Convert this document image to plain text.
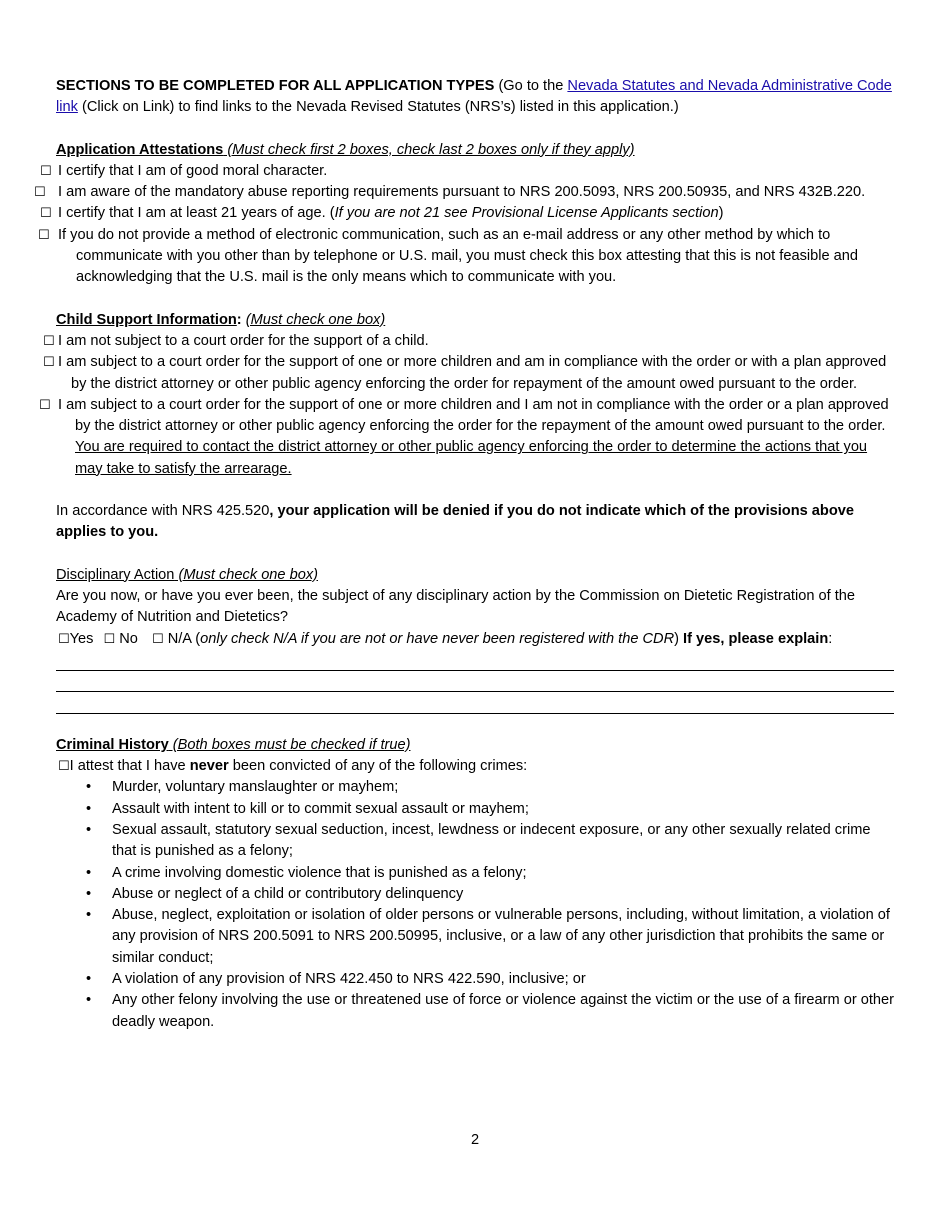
SECTIONS TO BE COMPLETED FOR ALL APPLICATION TYPES (Go to the Nevada Statutes and Nevada Administrative Code link (Click on Link) to find links to the Nevada Revised Statutes (NRS’s) listed in this application.)

Application Attestations (Must check first 2 boxes, check last 2 boxes only if they apply)

☐ I certify that I am of good moral character.

☐ I am aware of the mandatory abuse reporting requirements pursuant to NRS 200.5093, NRS 200.50935, and NRS 432B.220.

☐ I certify that I am at least 21 years of age. (If you are not 21 see Provisional License Applicants section)

☐ If you do not provide a method of electronic communication, such as an e-mail address or any other method by which to communicate with you other than by telephone or U.S. mail, you must check this box attesting that this is not feasible and acknowledging that the U.S. mail is the only means which to communicate with you.

Child Support Information: (Must check one box)

☐ I am not subject to a court order for the support of a child.

☐ I am subject to a court order for the support of one or more children and am in compliance with the order or with a plan approved by the district attorney or other public agency enforcing the order for repayment of the amount owed pursuant to the order.

☐ I am subject to a court order for the support of one or more children and I am not in compliance with the order or a plan approved by the district attorney or other public agency enforcing the order for the repayment of the amount owed pursuant to the order. You are required to contact the district attorney or other public agency enforcing the order to determine the actions that you may take to satisfy the arrearage.

In accordance with NRS 425.520, your application will be denied if you do not indicate which of the provisions above applies to you.

Disciplinary Action (Must check one box)

Are you now, or have you ever been, the subject of any disciplinary action by the Commission on Dietetic Registration of the Academy of Nutrition and Dietetics?

☐Yes ☐ No ☐ N/A (only check N/A if you are not or have never been registered with the CDR) If yes, please explain:

Criminal History (Both boxes must be checked if true)

☐I attest that I have never been convicted of any of the following crimes:

• Murder, voluntary manslaughter or mayhem;
• Assault with intent to kill or to commit sexual assault or mayhem;
• Sexual assault, statutory sexual seduction, incest, lewdness or indecent exposure, or any other sexually related crime that is punished as a felony;
• A crime involving domestic violence that is punished as a felony;
• Abuse or neglect of a child or contributory delinquency
• Abuse, neglect, exploitation or isolation of older persons or vulnerable persons, including, without limitation, a violation of any provision of NRS 200.5091 to NRS 200.50995, inclusive, or a law of any other jurisdiction that prohibits the same or similar conduct;
• A violation of any provision of NRS 422.450 to NRS 422.590, inclusive; or
• Any other felony involving the use or threatened use of force or violence against the victim or the use of a firearm or other deadly weapon.
2
